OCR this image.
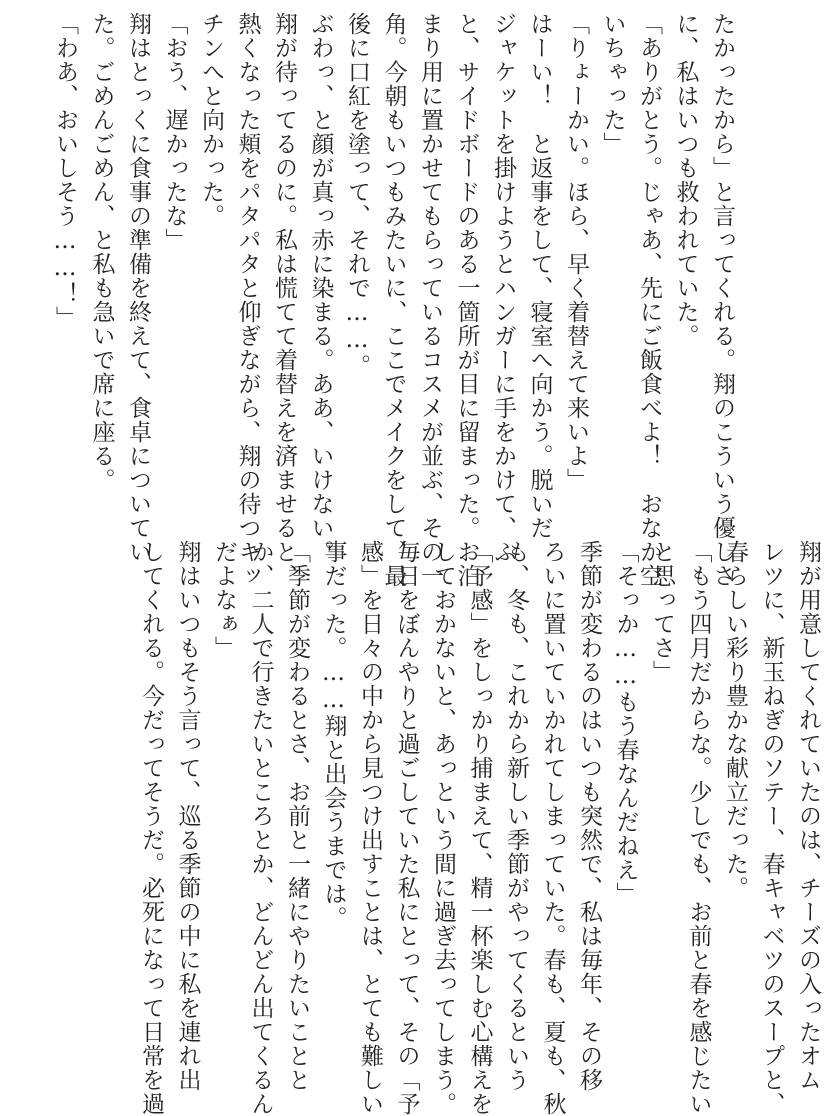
たかったから」と言ってくれる。翔のこういう優しさ
に、私はいつも救われていた。
「ありがとう。じゃあ、先にご飯食べよ！　おなか空
いちゃった」
「りょーかい。ほら、早く着替えて来いよ」
はーい！　と返事をして、寝室へ向かう。脱いだ
ジャケットを掛けようとハンガーに手をかけて、ふ
と、サイドボードのある一箇所が目に留まった。お泊
まり用に置かせてもらっているコスメが並ぶ、その一
角。今朝もいつもみたいに、ここでメイクをして、最
後に口紅を塗って、それで……。
ぶわっ、と顔が真っ赤に染まる。ああ、いけない。
翔が待ってるのに。私は慌てて着替えを済ませると、
熱くなった頬をパタパタと仰ぎながら、翔の待つキッ
チンへと向かった。
「おう、遅かったな」
翔はとっくに食事の準備を終えて、食卓についてい
た。ごめんごめん、と私も急いで席に座る。
「わあ、おいしそう……！」
翔が用意してくれていたのは、チーズの入ったオム
レツに、新玉ねぎのソテー、春キャベツのスープと、
春らしい彩り豊かな献立だった。
「もう四月だからな。少しでも、お前と春を感じたい
と思ってさ」
「そっか……もう春なんだねえ」
季節が変わるのはいつも突然で、私は毎年、その移
ろいに置いていかれてしまっていた。春も、夏も、秋
も、冬も、これから新しい季節がやってくるという
「予感」をしっかり捕まえて、精一杯楽しむ心構えを
しておかないと、あっという間に過ぎ去ってしまう。
毎日をぼんやりと過ごしていた私にとって、その「予
感」を日々の中から見つけ出すことは、とても難しい
事だった。……翔と出会うまでは。
「季節が変わるとさ、お前と一緒にやりたいことと
か、二人で行きたいところとか、どんどん出てくるん
だよなぁ」
翔はいつもそう言って、巡る季節の中に私を連れ出
してくれる。今だってそうだ。必死になって日常を過
